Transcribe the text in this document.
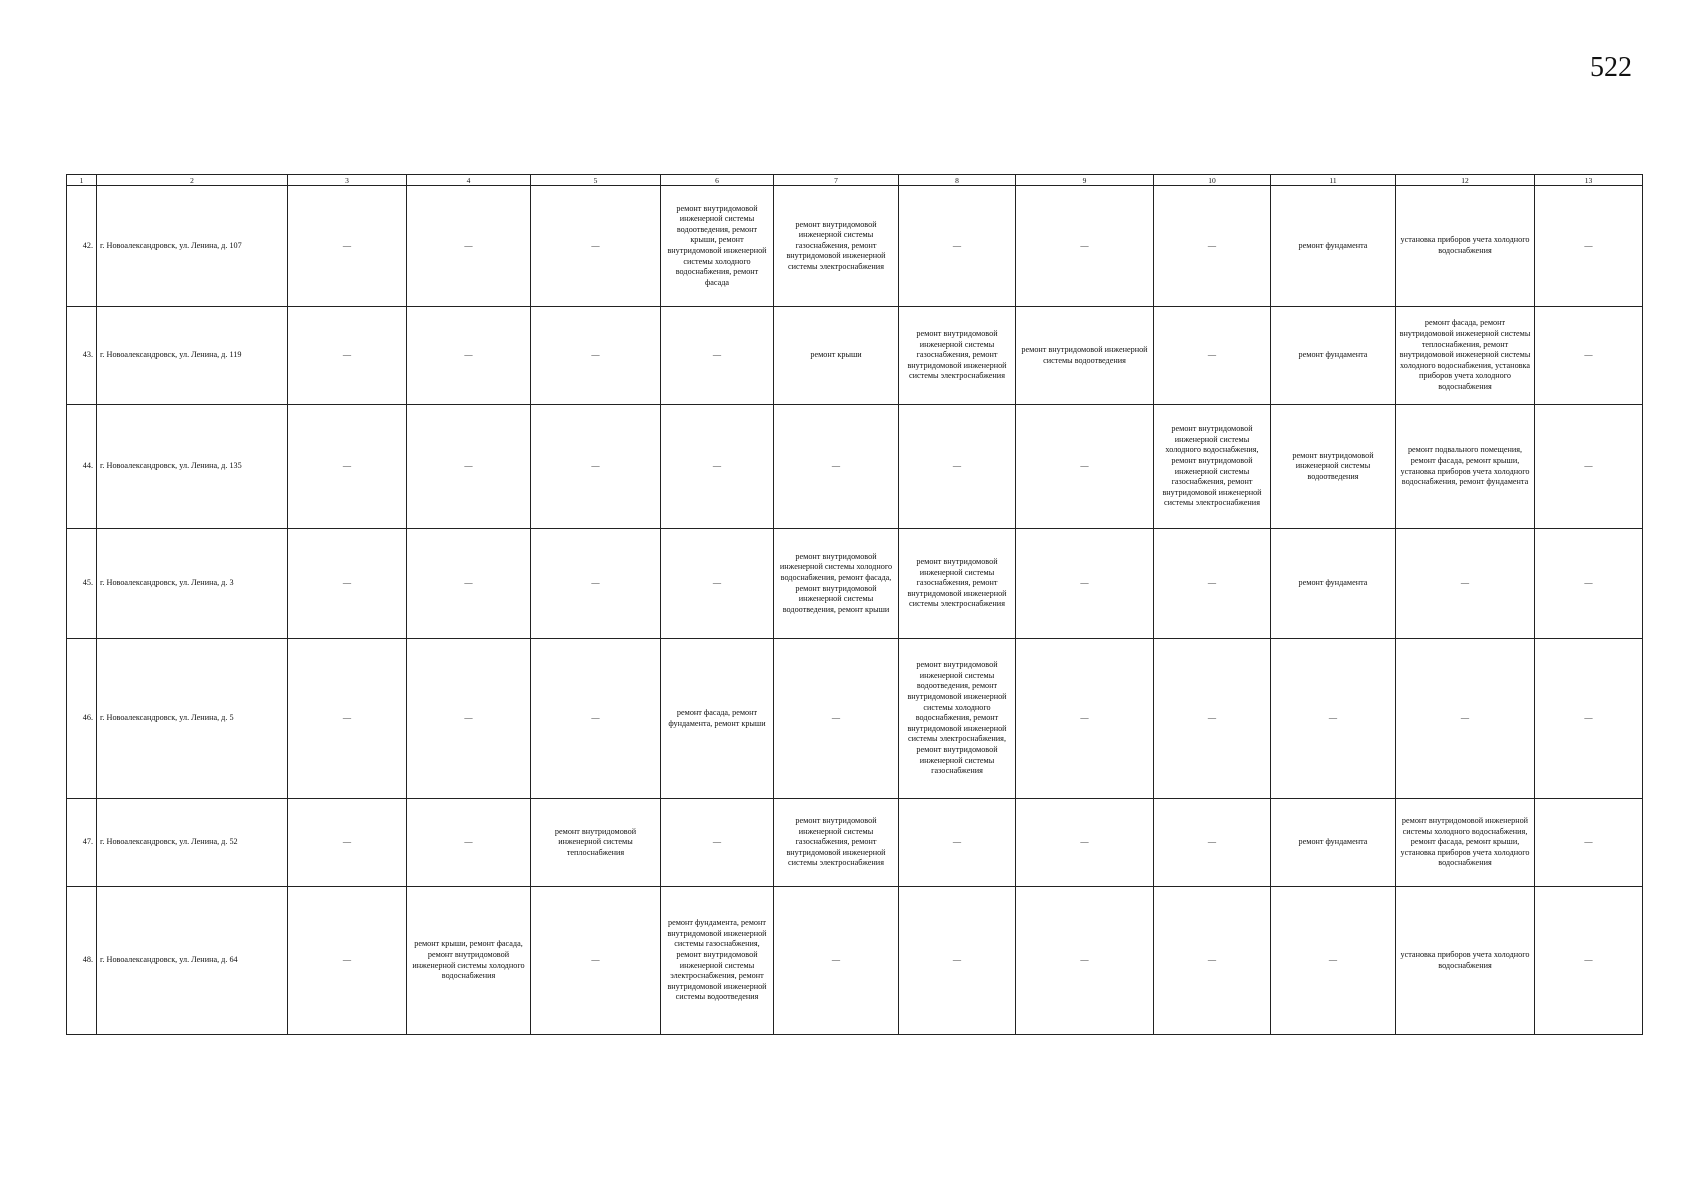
522
1	2	3	4	5	6	7	8	9	10	11	12	13
42.	г. Новоалександровск, ул. Ленина, д. 107	—	—	—	ремонт внутридомовой инженерной системы водоотведения, ремонт крыши, ремонт внутридомовой инженерной системы холодного водоснабжения, ремонт фасада	ремонт внутридомовой инженерной системы газоснабжения, ремонт внутридомовой инженерной системы электроснабжения	—	—	—	ремонт фундамента	установка приборов учета холодного водоснабжения	—
43.	г. Новоалександровск, ул. Ленина, д. 119	—	—	—	—	ремонт крыши	ремонт внутридомовой инженерной системы газоснабжения, ремонт внутридомовой инженерной системы электроснабжения	ремонт внутридомовой инженерной системы водоотведения	—	ремонт фундамента	ремонт фасада, ремонт внутридомовой инженерной системы теплоснабжения, ремонт внутридомовой инженерной системы холодного водоснабжения, установка приборов учета холодного водоснабжения	—
44.	г. Новоалександровск, ул. Ленина, д. 135	—	—	—	—	—	—	—	ремонт внутридомовой инженерной системы холодного водоснабжения, ремонт внутридомовой инженерной системы газоснабжения, ремонт внутридомовой инженерной системы электроснабжения	ремонт внутридомовой инженерной системы водоотведения	ремонт подвального помещения, ремонт фасада, ремонт крыши, установка приборов учета холодного водоснабжения, ремонт фундамента	—
45.	г. Новоалександровск, ул. Ленина, д. 3	—	—	—	—	ремонт внутридомовой инженерной системы холодного водоснабжения, ремонт фасада, ремонт внутридомовой инженерной системы водоотведения, ремонт крыши	ремонт внутридомовой инженерной системы газоснабжения, ремонт внутридомовой инженерной системы электроснабжения	—	—	ремонт фундамента	—	—
46.	г. Новоалександровск, ул. Ленина, д. 5	—	—	—	ремонт фасада, ремонт фундамента, ремонт крыши	—	ремонт внутридомовой инженерной системы водоотведения, ремонт внутридомовой инженерной системы холодного водоснабжения, ремонт внутридомовой инженерной системы электроснабжения, ремонт внутридомовой инженерной системы газоснабжения	—	—	—	—	—
47.	г. Новоалександровск, ул. Ленина, д. 52	—	—	ремонт внутридомовой инженерной системы теплоснабжения	—	ремонт внутридомовой инженерной системы газоснабжения, ремонт внутридомовой инженерной системы электроснабжения	—	—	—	ремонт фундамента	ремонт внутридомовой инженерной системы холодного водоснабжения, ремонт фасада, ремонт крыши, установка приборов учета холодного водоснабжения	—
48.	г. Новоалександровск, ул. Ленина, д. 64	—	ремонт крыши, ремонт фасада, ремонт внутридомовой инженерной системы холодного водоснабжения	—	ремонт фундамента, ремонт внутридомовой инженерной системы газоснабжения, ремонт внутридомовой инженерной системы электроснабжения, ремонт внутридомовой инженерной системы водоотведения	—	—	—	—	—	установка приборов учета холодного водоснабжения	—
